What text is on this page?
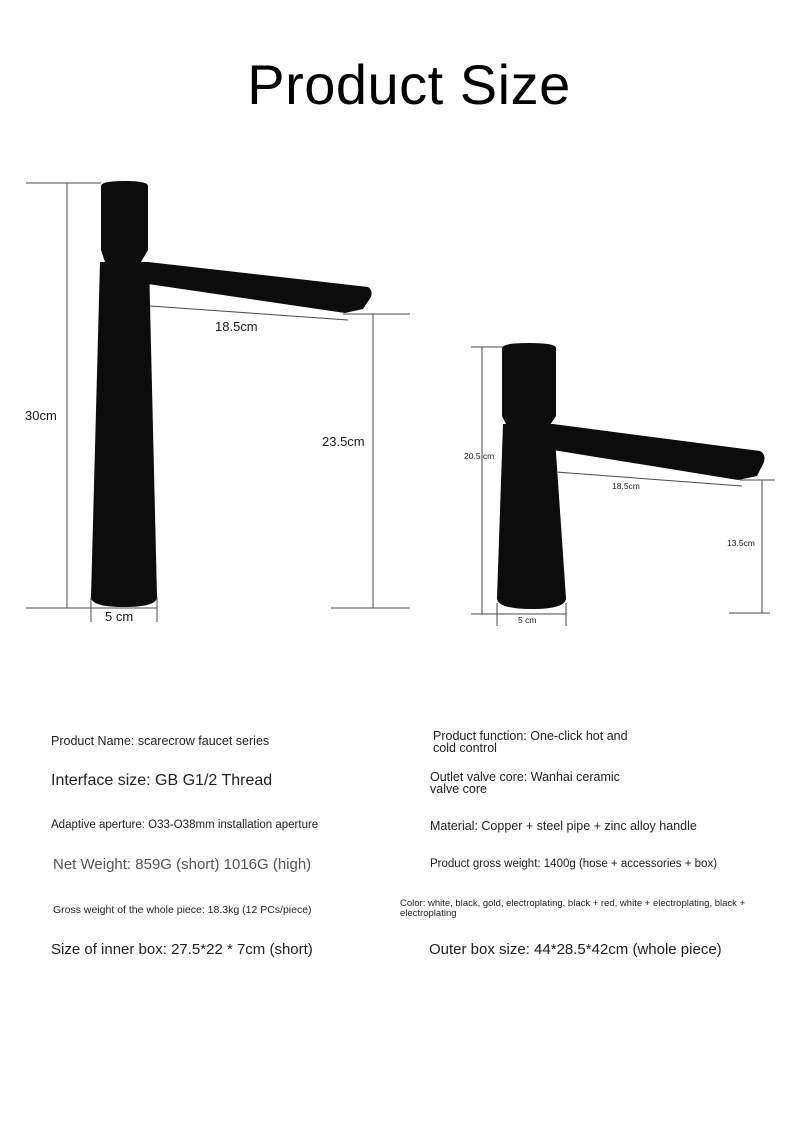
Product Size
30cm
18.5cm
23.5cm
5 cm
20.5 cm
18.5cm
13.5cm
5 cm
Product Name: scarecrow faucet series	Product function: One-click hot and
cold control
Interface size: GB G1/2 Thread	Outlet valve core: Wanhai ceramic
valve core
Adaptive aperture: O33-O38mm installation aperture	Material: Copper + steel pipe + zinc alloy handle
Net Weight: 859G (short) 1016G (high)	Product gross weight: 1400g (hose + accessories + box)
Gross weight of the whole piece: 18.3kg (12 PCs/piece)
Color: white, black, gold, electroplating, black + red, white + electroplating, black + electroplating
Size of inner box: 27.5*22 * 7cm (short)	Outer box size: 44*28.5*42cm (whole piece)
